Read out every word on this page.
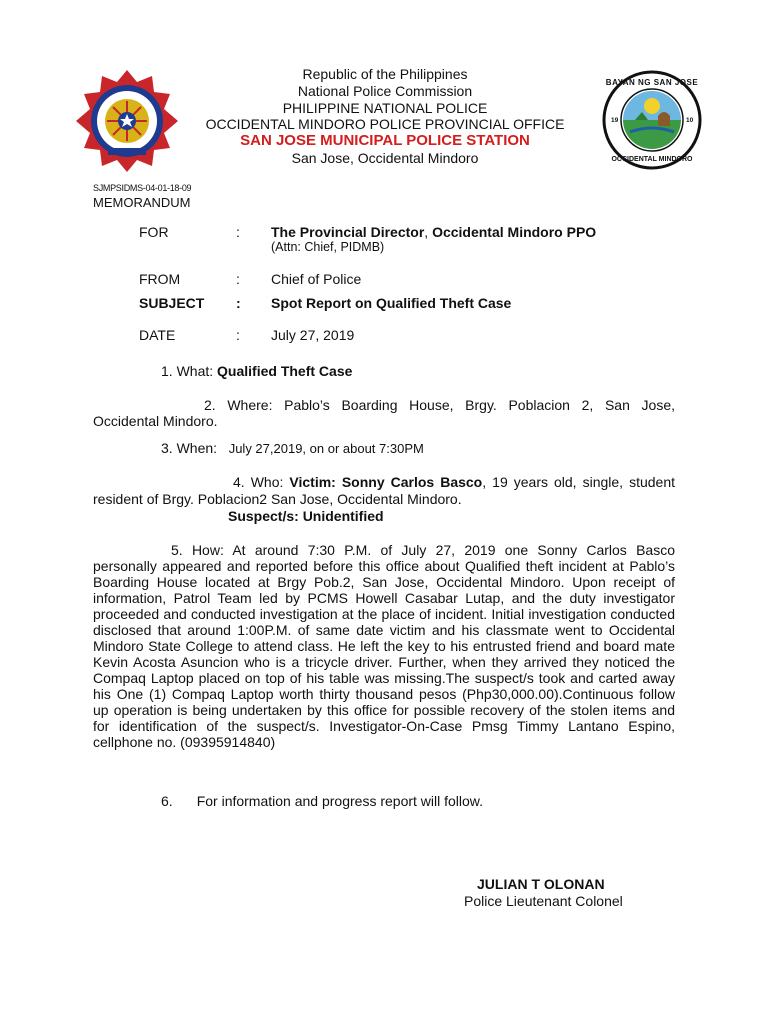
19	10
BAYAN NG SAN JOSE
OCCIDENTAL MINDORO
Republic of the Philippines
National Police Commission
PHILIPPINE NATIONAL POLICE
OCCIDENTAL MINDORO POLICE PROVINCIAL OFFICE
SAN JOSE MUNICIPAL POLICE STATION
San Jose, Occidental Mindoro
SJMPSIDMS-04-01-18-09
MEMORANDUM
FOR	: The Provincial Director, Occidental Mindoro PPO
(Attn: Chief, PIDMB)
FROM	: Chief of Police
SUBJECT : Spot Report on Qualified Theft Case
DATE	: July 27, 2019
1. What: Qualified Theft Case
2. Where: Pablo’s Boarding House, Brgy. Poblacion 2, San Jose,
Occidental Mindoro.
3. When: July 27,2019, on or about 7:30PM
4. Who: Victim: Sonny Carlos Basco, 19 years old, single, student
resident of Brgy. Poblacion2 San Jose, Occidental Mindoro.
Suspect/s: Unidentified
5. How: At around 7:30 P.M. of July 27, 2019 one Sonny Carlos Basco
personally appeared and reported before this office about Qualified theft incident at Pablo’s Boarding House located at Brgy Pob.2, San Jose, Occidental Mindoro. Upon receipt of information, Patrol Team led by PCMS Howell Casabar Lutap, and the duty investigator proceeded and conducted investigation at the place of incident. Initial investigation conducted disclosed that around 1:00P.M. of same date victim and his classmate went to Occidental Mindoro State College to attend class. He left the key to his entrusted friend and board mate Kevin Acosta Asuncion who is a tricycle driver. Further, when they arrived they noticed the Compaq Laptop placed on top of his table was missing.The suspect/s took and carted away his One (1) Compaq Laptop worth thirty thousand pesos (Php30,000.00).Continuous follow up operation is being undertaken by this office for possible recovery of the stolen items and for identification of the suspect/s. Investigator-On-Case Pmsg Timmy Lantano Espino, cellphone no. (09395914840)
6. For information and progress report will follow.
JULIAN T OLONAN
Police Lieutenant Colonel
